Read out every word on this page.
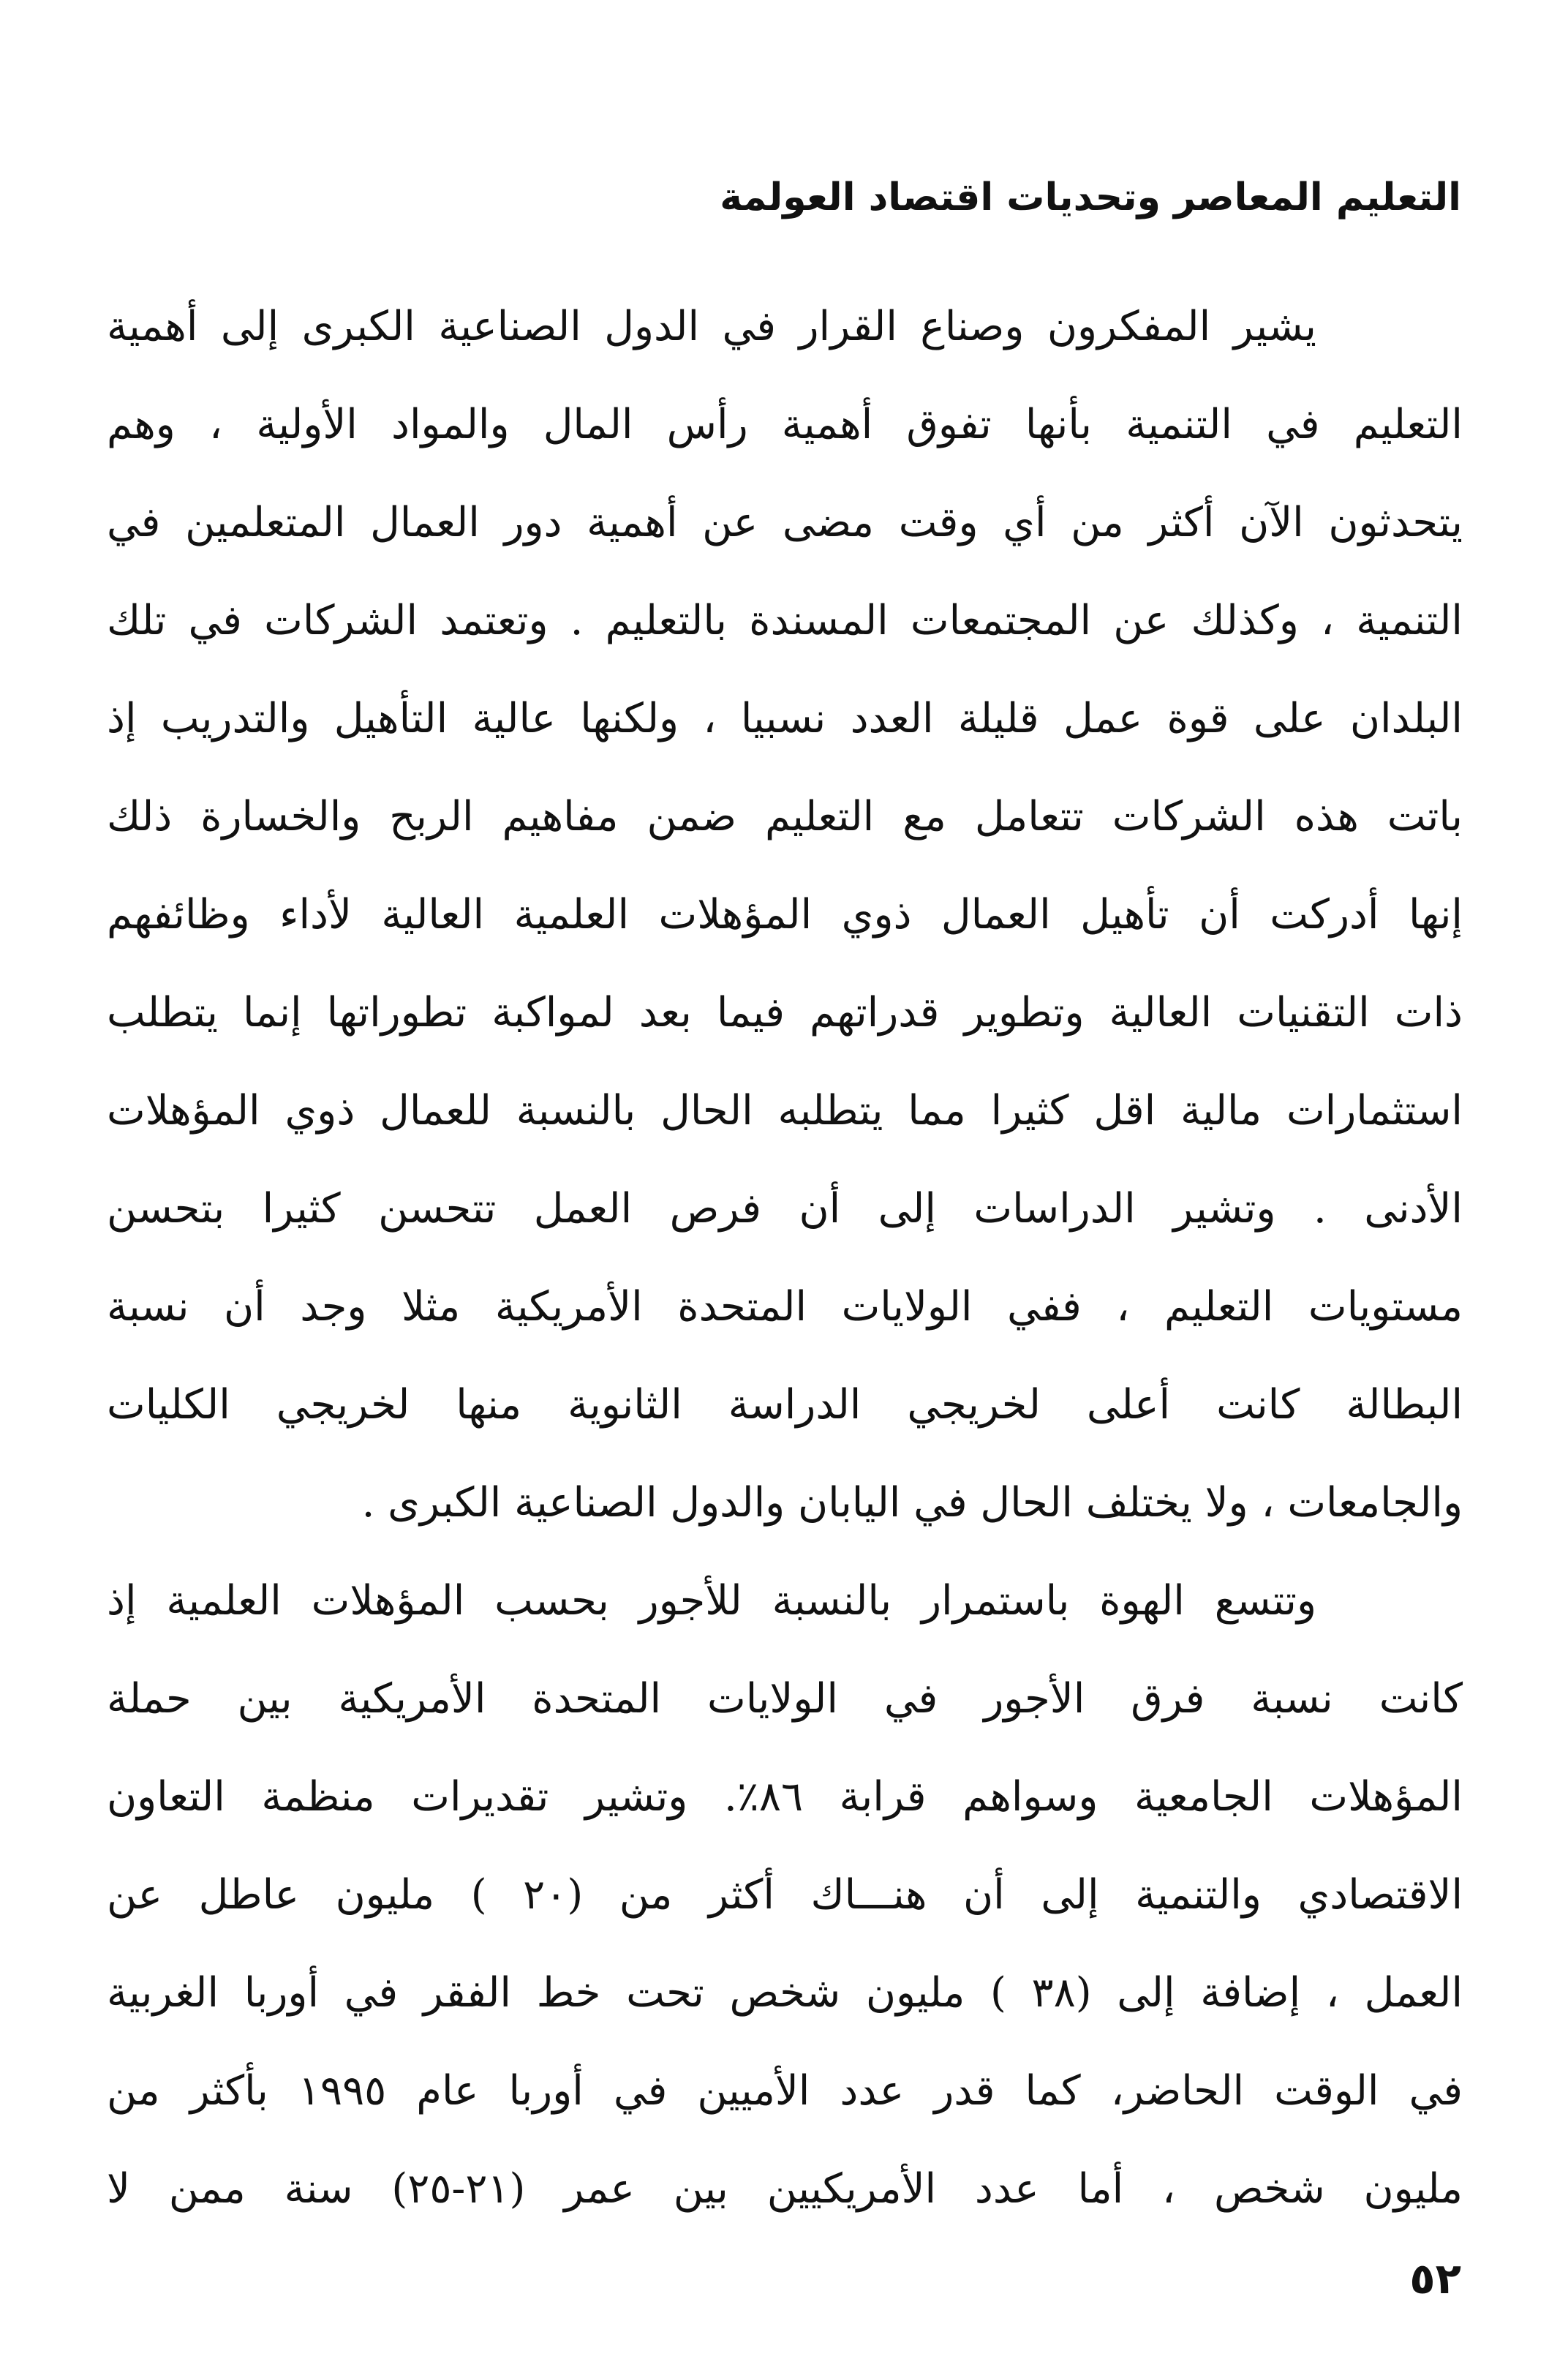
التعليم المعاصر وتحديات اقتصاد العولمة
يشير المفكرون وصناع القرار في الدول الصناعية الكبرى إلى أهمية
التعليم في التنمية بأنها تفوق أهمية رأس المال والمواد الأولية ، وهم
يتحدثون الآن أكثر من أي وقت مضى عن أهمية دور العمال المتعلمين في
التنمية ، وكذلك عن المجتمعات المسندة بالتعليم . وتعتمد الشركات في تلك
البلدان على قوة عمل قليلة العدد نسبيا ، ولكنها عالية التأهيل والتدريب إذ
باتت هذه الشركات تتعامل مع التعليم ضمن مفاهيم الربح والخسارة ذلك
إنها أدركت أن تأهيل العمال ذوي المؤهلات العلمية العالية لأداء وظائفهم
ذات التقنيات العالية وتطوير قدراتهم فيما بعد لمواكبة تطوراتها إنما يتطلب
استثمارات مالية اقل كثيرا مما يتطلبه الحال بالنسبة للعمال ذوي المؤهلات
الأدنى . وتشير الدراسات إلى أن فرص العمل تتحسن كثيرا بتحسن
مستويات التعليم ، ففي الولايات المتحدة الأمريكية مثلا وجد أن نسبة
البطالة كانت أعلى لخريجي الدراسة الثانوية منها لخريجي الكليات
والجامعات ، ولا يختلف الحال في اليابان والدول الصناعية الكبرى .
وتتسع الهوة باستمرار بالنسبة للأجور بحسب المؤهلات العلمية إذ
كانت نسبة فرق الأجور في الولايات المتحدة الأمريكية بين حملة
المؤهلات الجامعية وسواهم قرابة ٨٦٪. وتشير تقديرات منظمة التعاون
الاقتصادي والتنمية إلى أن هنـــاك أكثر من (٢٠ ) مليون عاطل عن
العمل ، إضافة إلى (٣٨ ) مليون شخص تحت خط الفقر في أوربا الغربية
في الوقت الحاضر، كما قدر عدد الأميين في أوربا عام ١٩٩٥ بأكثر من
مليون شخص ، أما عدد الأمريكيين بين عمر (٢١-٢٥) سنة ممن لا
٥٢
